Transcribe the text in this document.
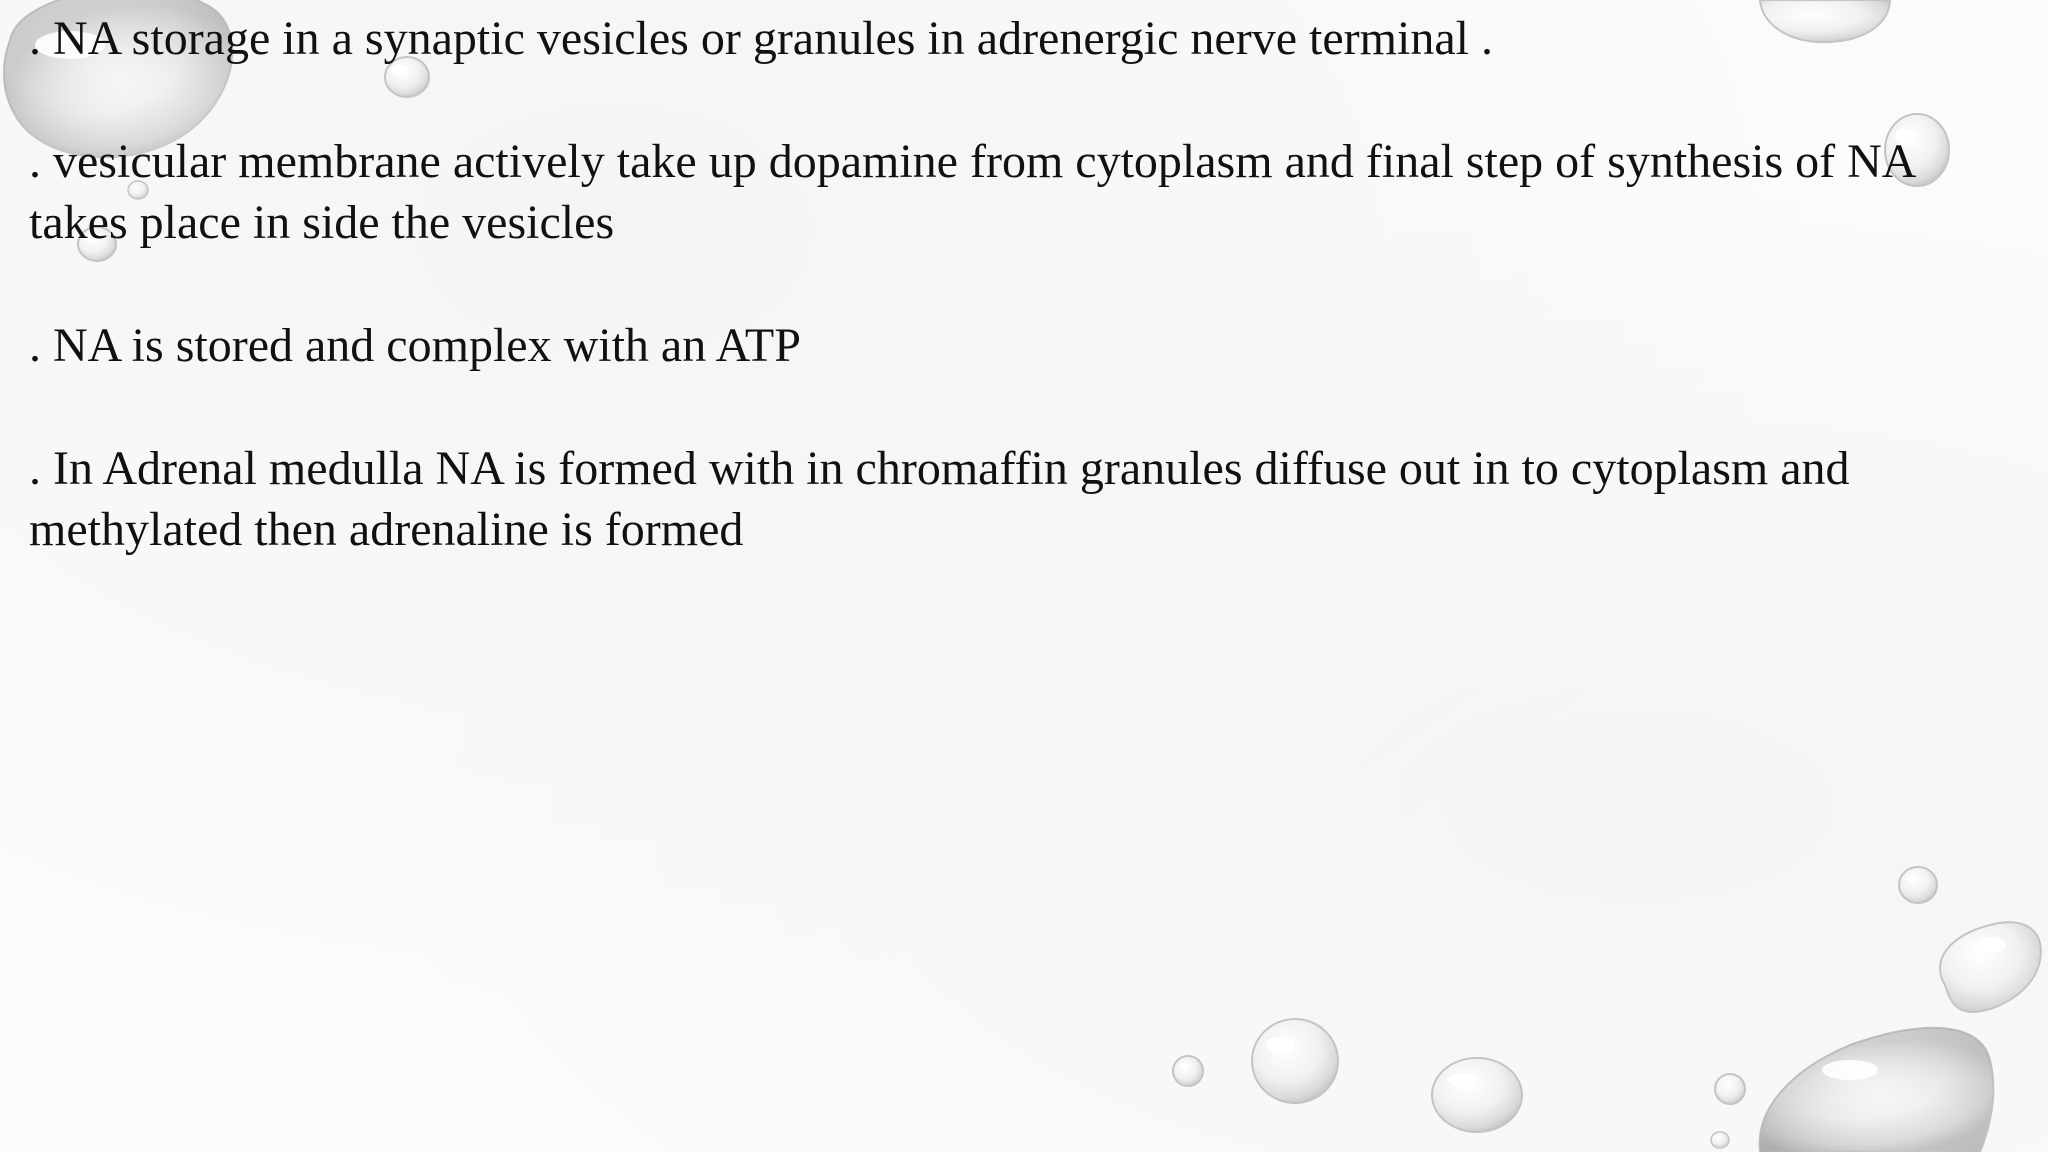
. NA storage in a synaptic vesicles or granules in adrenergic nerve terminal .

. vesicular membrane actively take up dopamine from cytoplasm and final step of synthesis of NA takes place in side the vesicles

. NA is stored and complex with an ATP

. In Adrenal medulla NA is formed with in chromaffin granules diffuse out in to cytoplasm and methylated then adrenaline is formed
